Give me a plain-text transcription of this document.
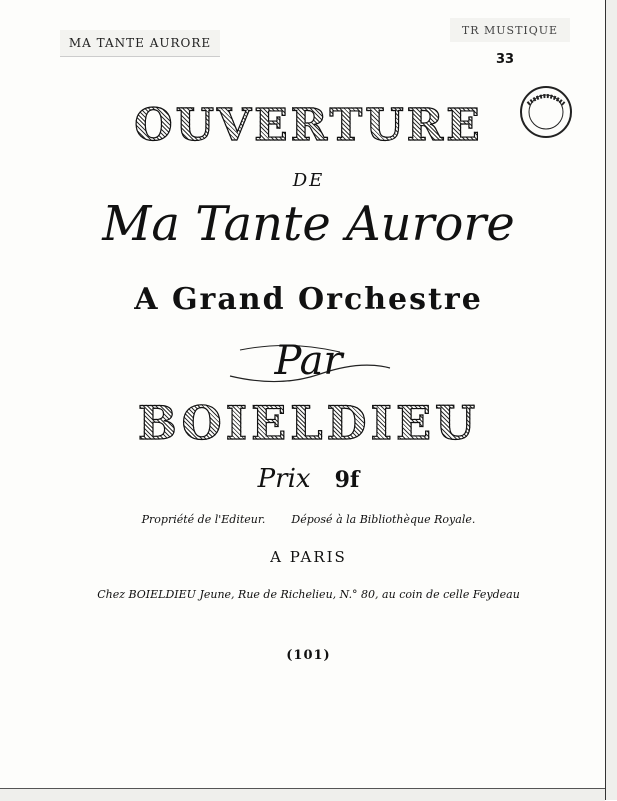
MA TANTE AURORE
TR MUSTIQUE
33
OUVERTURE
DE
Ma Tante Aurore
A Grand Orchestre
Par
BOIELDIEU
Prix 9f
Propriété de l'Editeur. Déposé à la Bibliothèque Royale.
A PARIS
Chez BOIELDIEU Jeune, Rue de Richelieu, N.° 80, au coin de celle Feydeau
(101)
